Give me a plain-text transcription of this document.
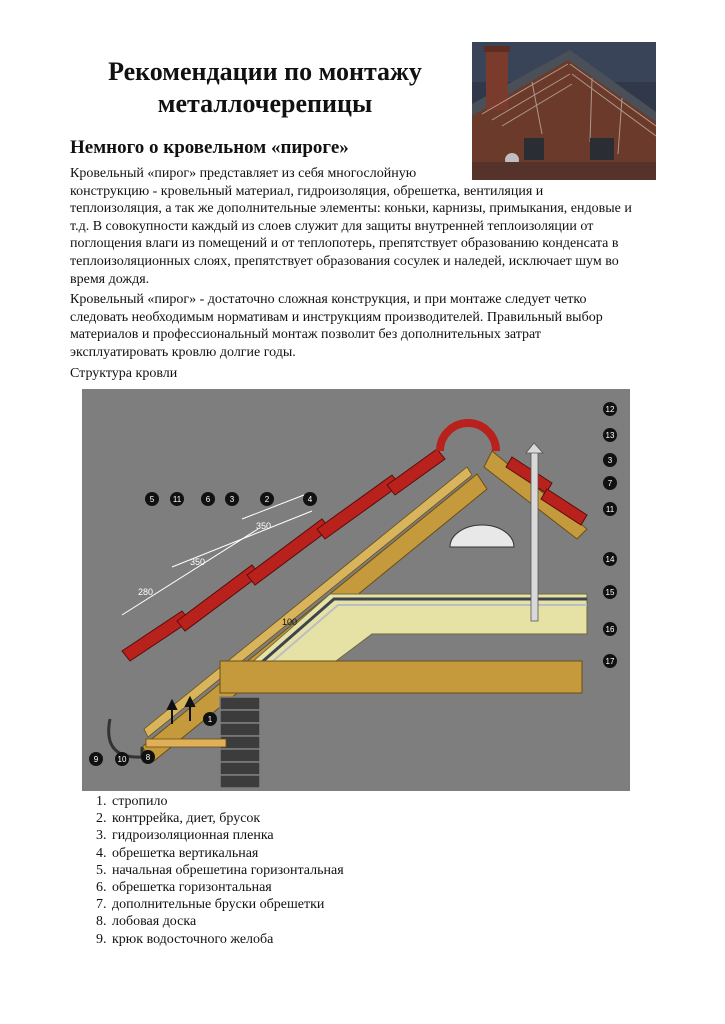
Рекомендации по монтажу
металлочерепицы
Немного о кровельном «пироге»

Кровельный «пирог» представляет из себя многослойную
конструкцию - кровельный материал, гидроизоляция, обрешетка, вентиляция и
теплоизоляция, а так же дополнительные элементы: коньки, карнизы, примыкания, ендовые и
т.д. В совокупности каждый из слоев служит для защиты внутренней теплоизоляции от
поглощения влаги из помещений и от теплопотерь, препятствует образованию конденсата в
теплоизоляционных слоях, препятствует образования сосулек и наледей, исключает шум во
время дождя.

Кровельный «пирог» - достаточно сложная конструкция, и при монтаже следует четко
следовать необходимым нормативам и инструкциям производителей. Правильный выбор
материалов и профессиональный монтаж позволит без дополнительных затрат
эксплуатировать кровлю долгие годы.

Структура кровли

280
350
350
100
5 11	6 3	2	4
12
13
3
7
11
14
15
16
17
1
8
9 10
1. стропило
2. контррейка, диет, брусок
3. гидроизоляционная пленка
4. обрешетка вертикальная
5. начальная обрешетина горизонтальная
6. обрешетка горизонтальная
7. дополнительные бруски обрешетки
8. лобовая доска
9. крюк водосточного желоба
